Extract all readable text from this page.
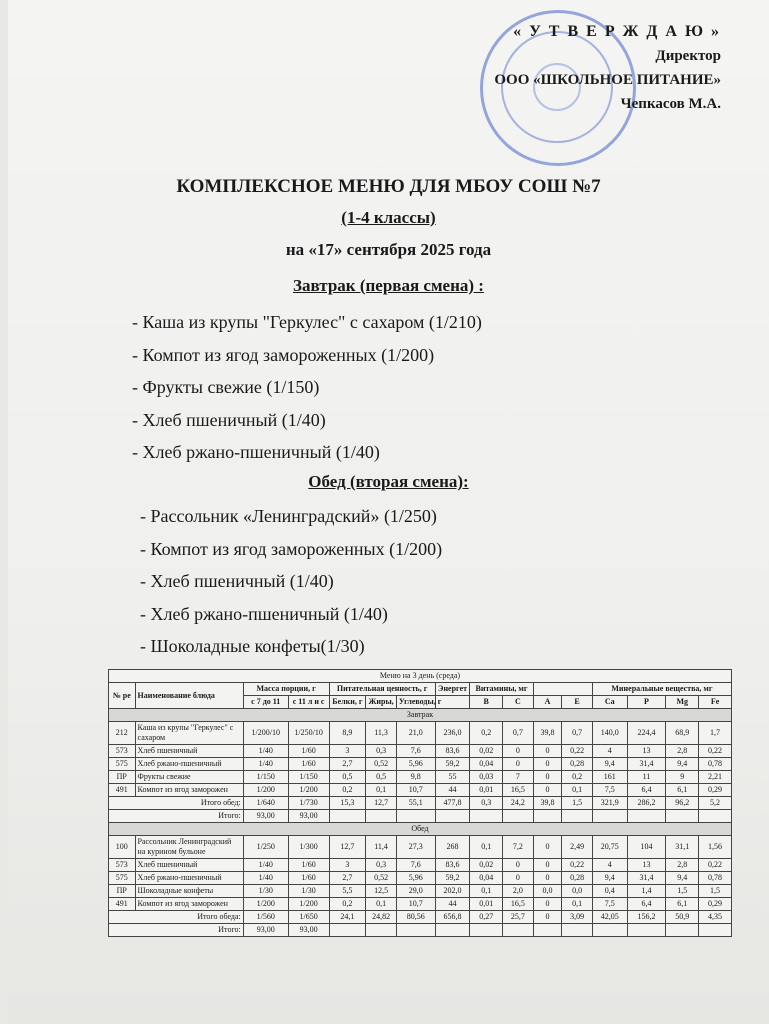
« У Т В Е Р Ж Д А Ю »
Директор
ООО «ШКОЛЬНОЕ ПИТАНИЕ»
Чепкасов М.А.
КОМПЛЕКСНОЕ МЕНЮ ДЛЯ МБОУ СОШ №7
(1-4 классы)
на «17» сентября 2025 года
Завтрак (первая смена) :
- Каша из крупы "Геркулес" с сахаром (1/210)
- Компот из ягод замороженных (1/200)
- Фрукты свежие (1/150)
- Хлеб пшеничный (1/40)
- Хлеб ржано-пшеничный (1/40)
Обед (вторая смена):
- Рассольник «Ленинградский» (1/250)
- Компот из ягод замороженных (1/200)
- Хлеб пшеничный (1/40)
- Хлеб ржано-пшеничный (1/40)
- Шоколадные конфеты(1/30)
Меню на 3 день (среда)															
№ ре	Наименование блюда	Масса порции, г		Питательная ценность, г			Энергет	Витамины, мг				Минеральные вещества, мг			
		с 7 до 11	с 11 л и с	Белки, г	Жиры,	Углеводы, г		B	C	A	E	Ca	P	Mg	Fe
Завтрак															
212	Каша из крупы "Геркулес" с сахаром	1/200/10	1/250/10	8,9	11,3	21,0	236,0	0,2	0,7	39,8	0,7	140,0	224,4	68,9	1,7
573	Хлеб пшеничный	1/40	1/60	3	0,3	7,6	83,6	0,02	0	0	0,22	4	13	2,8	0,22
575	Хлеб ржано-пшеничный	1/40	1/60	2,7	0,52	5,96	59,2	0,04	0	0	0,28	9,4	31,4	9,4	0,78
ПР	Фрукты свежие	1/150	1/150	0,5	0,5	9,8	55	0,03	7	0	0,2	161	11	9	2,21
491	Компот из ягод заморожен	1/200	1/200	0,2	0,1	10,7	44	0,01	16,5	0	0,1	7,5	6,4	6,1	0,29
Итого обед:		1/640	1/730	15,3	12,7	55,1	477,8	0,3	24,2	39,8	1,5	321,9	286,2	96,2	5,2
Итого:		93,00	93,00												
Обед															
100	Рассольник Ленинградский на курином бульоне	1/250	1/300	12,7	11,4	27,3	268	0,1	7,2	0	2,49	20,75	104	31,1	1,56
573	Хлеб пшеничный	1/40	1/60	3	0,3	7,6	83,6	0,02	0	0	0,22	4	13	2,8	0,22
575	Хлеб ржано-пшеничный	1/40	1/60	2,7	0,52	5,96	59,2	0,04	0	0	0,28	9,4	31,4	9,4	0,78
ПР	Шоколадные конфеты	1/30	1/30	5,5	12,5	29,0	202,0	0,1	2,0	0,0	0,0	0,4	1,4	1,5	1,5
491	Компот из ягод заморожен	1/200	1/200	0,2	0,1	10,7	44	0,01	16,5	0	0,1	7,5	6,4	6,1	0,29
Итого обеда:		1/560	1/650	24,1	24,82	80,56	656,8	0,27	25,7	0	3,09	42,05	156,2	50,9	4,35
Итого:		93,00	93,00												
